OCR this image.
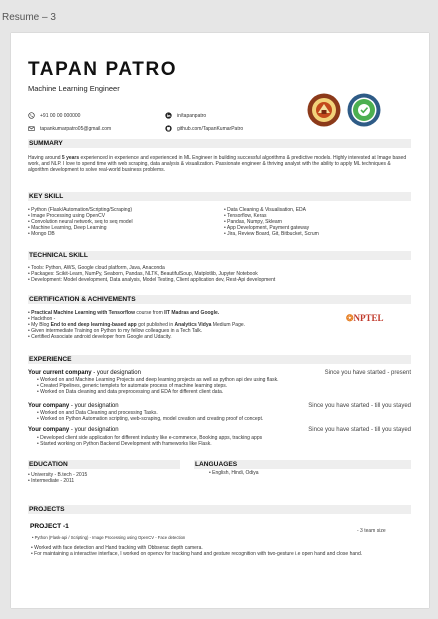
Resume – 3
TAPAN PATRO
Machine Learning Engineer
+91 00 00 000000	in/tapanpatro
tapankumarpatro05@gmail.com	github.com/TapanKumarPatro
SUMMARY
Having around 5 years experienced in experience and experienced in ML Engineer in building successful algorithms & predictive models. Highly interested at Image based work, and NLP. I love to spend time with web scraping, data analysis & visualization. Passionate engineer & thriving analyst with the ability to apply ML techniques & algorithm development to solve real-world business problems.
KEY SKILL
• Python (Flask/Automation/Scripting/Scraping)
• Image Processing using OpenCV
• Convolution neural network, seq to seq model
• Machine Learning, Deep Learning
• Mongo DB
• Data Cleaning & Visualisation, EDA
• Tensorflow, Keras
• Pandas, Numpy, Sklearn
• App Development, Payment gateway
• Jira, Review Board, Git, Bitbucket, Scrum
TECHNICAL SKILL
• Tools: Python, AWS, Google cloud platform, Java, Anaconda
• Packages: Scikit-Learn, NumPy, Seaborn, Pandas, NLTK, BeautifulSoup, Matplotlib, Jupyter Notebook
• Development: Model development, Data analysis, Model Testing, Client application dev, Rest-Api development
CERTIFICATION & ACHIVEMENTS
• Practical Machine Learning with Tensorflow course from IIT Madras and Google.
• Hackthon -
• My Blog End to end deep learning-based app got published in Analytics Vidya Medium Page.
• Given intermediate Training on Python to my fellow colleagues in a Tech Talk.
• Certified Associate android developer from Google and Udacity.
❂NPTEL
EXPERIENCE
Your current company - your designation	Since you have started - present
• Worked on and Machine Learning Projects and deep learning projects as well as python api dev using flask.
• Created Pipelines, generic templets for automate process of machine learning steps.
• Worked on Data cleaning and data preprocessing and EDA for different client data.
Your company - your designation	Since you have started - till you stayed
• Worked on and Data Cleaning and processing Tasks.
• Worked on Python Automation scripting, web-scraping, model creation and creating proof of concept.
Your company - your designation	Since you have started - till you stayed
• Developed client side application for different industry like e-commerce, Booking apps, tracking apps
• Started working on Python Backend Development with frameworks like Flask.
EDUCATION	LANGUAGES
• University - B.tech - 2015
• Intermediate - 2011
• English, Hindi, Odiya
PROJECTS
PROJECT -1
- 3 team size
• Python (Flask-api / Scripting) - Image Processing using OpenCV - Face detection
• Worked with face detection and Hand tracking with Obbserac depth camera.
• For maintaining a interactive interface, I worked on opencv for tracking hand and gesture recognition with two-gesture i.e open hand and close hand.
